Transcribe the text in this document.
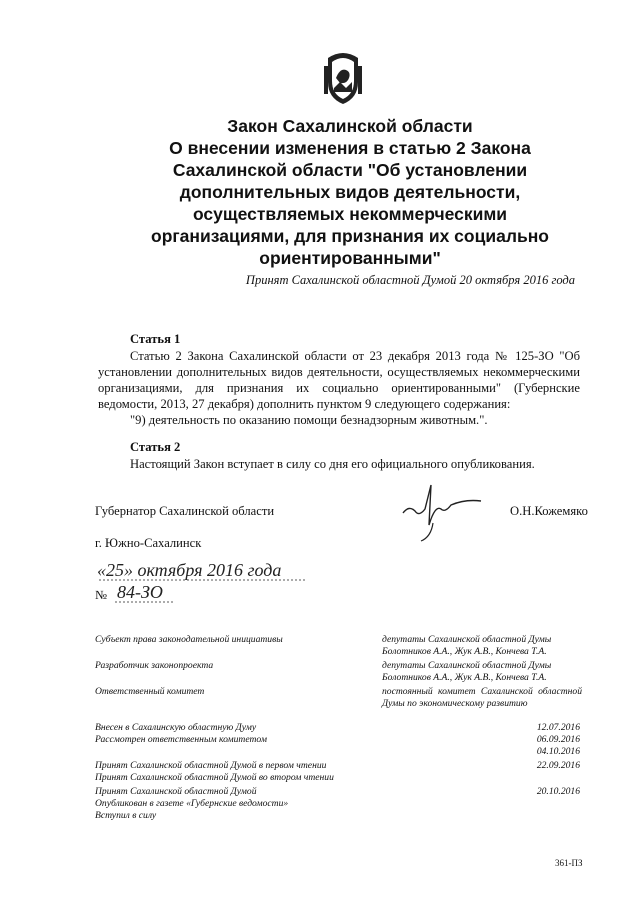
Закон Сахалинской области
О внесении изменения в статью 2 Закона
Сахалинской области "Об установлении
дополнительных видов деятельности,
осуществляемых некоммерческими
организациями, для признания их социально
ориентированными"
Принят Сахалинской областной Думой 20 октября 2016 года
Статья 1
Статью 2 Закона Сахалинской области от 23 декабря 2013 года № 125-ЗО "Об установлении дополнительных видов деятельности, осуществляемых некоммерческими организациями, для признания их социально ориентированными" (Губернские ведомости, 2013, 27 декабря) дополнить пунктом 9 следующего содержания:
"9) деятельность по оказанию помощи безнадзорным животным.".
Статья 2
Настоящий Закон вступает в силу со дня его официального опубликования.
Губернатор Сахалинской области	О.Н.Кожемяко
г. Южно-Сахалинск
«25» октября 2016 года
№ 84-ЗО
Субъект права законодательной инициативы	депутаты Сахалинской областной Думы
Болотников А.А., Жук А.В., Кончева Т.А.
Разработчик законопроекта	депутаты Сахалинской областной Думы
Болотников А.А., Жук А.В., Кончева Т.А.
Ответственный комитет	постоянный комитет Сахалинской областной Думы по экономическому развитию
Внесен в Сахалинскую областную Думу	12.07.2016
Рассмотрен ответственным комитетом	06.09.2016
04.10.2016
Принят Сахалинской областной Думой в первом чтении	22.09.2016
Принят Сахалинской областной Думой во втором чтении
Принят Сахалинской областной Думой	20.10.2016
Опубликован в газете «Губернские ведомости»
Вступил в силу
361-ПЗ
